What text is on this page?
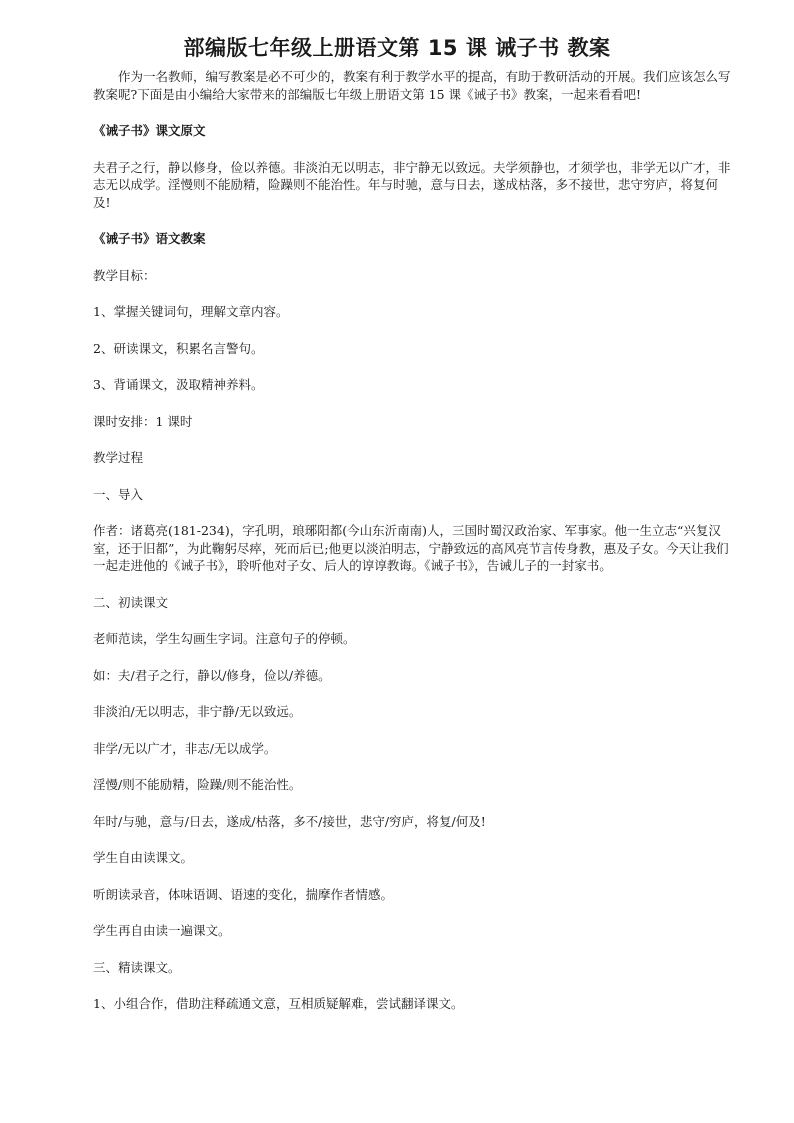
部编版七年级上册语文第 15 课 诫子书 教案

作为一名教师，编写教案是必不可少的，教案有利于教学水平的提高，有助于教研活动的开展。我们应该怎么写教案呢?下面是由小编给大家带来的部编版七年级上册语文第 15 课《诫子书》教案，一起来看看吧!

《诫子书》课文原文

夫君子之行，静以修身，俭以养德。非淡泊无以明志，非宁静无以致远。夫学须静也，才须学也，非学无以广才，非志无以成学。淫慢则不能励精，险躁则不能治性。年与时驰，意与日去，遂成枯落，多不接世，悲守穷庐，将复何及!

《诫子书》语文教案

教学目标：

1、掌握关键词句，理解文章内容。

2、研读课文，积累名言警句。

3、背诵课文，汲取精神养料。

课时安排：1 课时

教学过程

一、导入

作者：诸葛亮(181-234)，字孔明，琅琊阳都(今山东沂南南)人，三国时蜀汉政治家、军事家。他一生立志“兴复汉室，还于旧都”，为此鞠躬尽瘁，死而后已;他更以淡泊明志，宁静致远的高风亮节言传身教，惠及子女。今天让我们一起走进他的《诫子书》，聆听他对子女、后人的谆谆教诲。《诫子书》，告诫儿子的一封家书。

二、初读课文

老师范读，学生勾画生字词。注意句子的停顿。

如：夫/君子之行，静以/修身，俭以/养德。

非淡泊/无以明志，非宁静/无以致远。

非学/无以广才，非志/无以成学。

淫慢/则不能励精，险躁/则不能治性。

年时/与驰，意与/日去，遂成/枯落，多不/接世，悲守/穷庐，将复/何及!

学生自由读课文。

听朗读录音，体味语调、语速的变化，揣摩作者情感。

学生再自由读一遍课文。

三、精读课文。

1、小组合作，借助注释疏通文意，互相质疑解难，尝试翻译课文。
